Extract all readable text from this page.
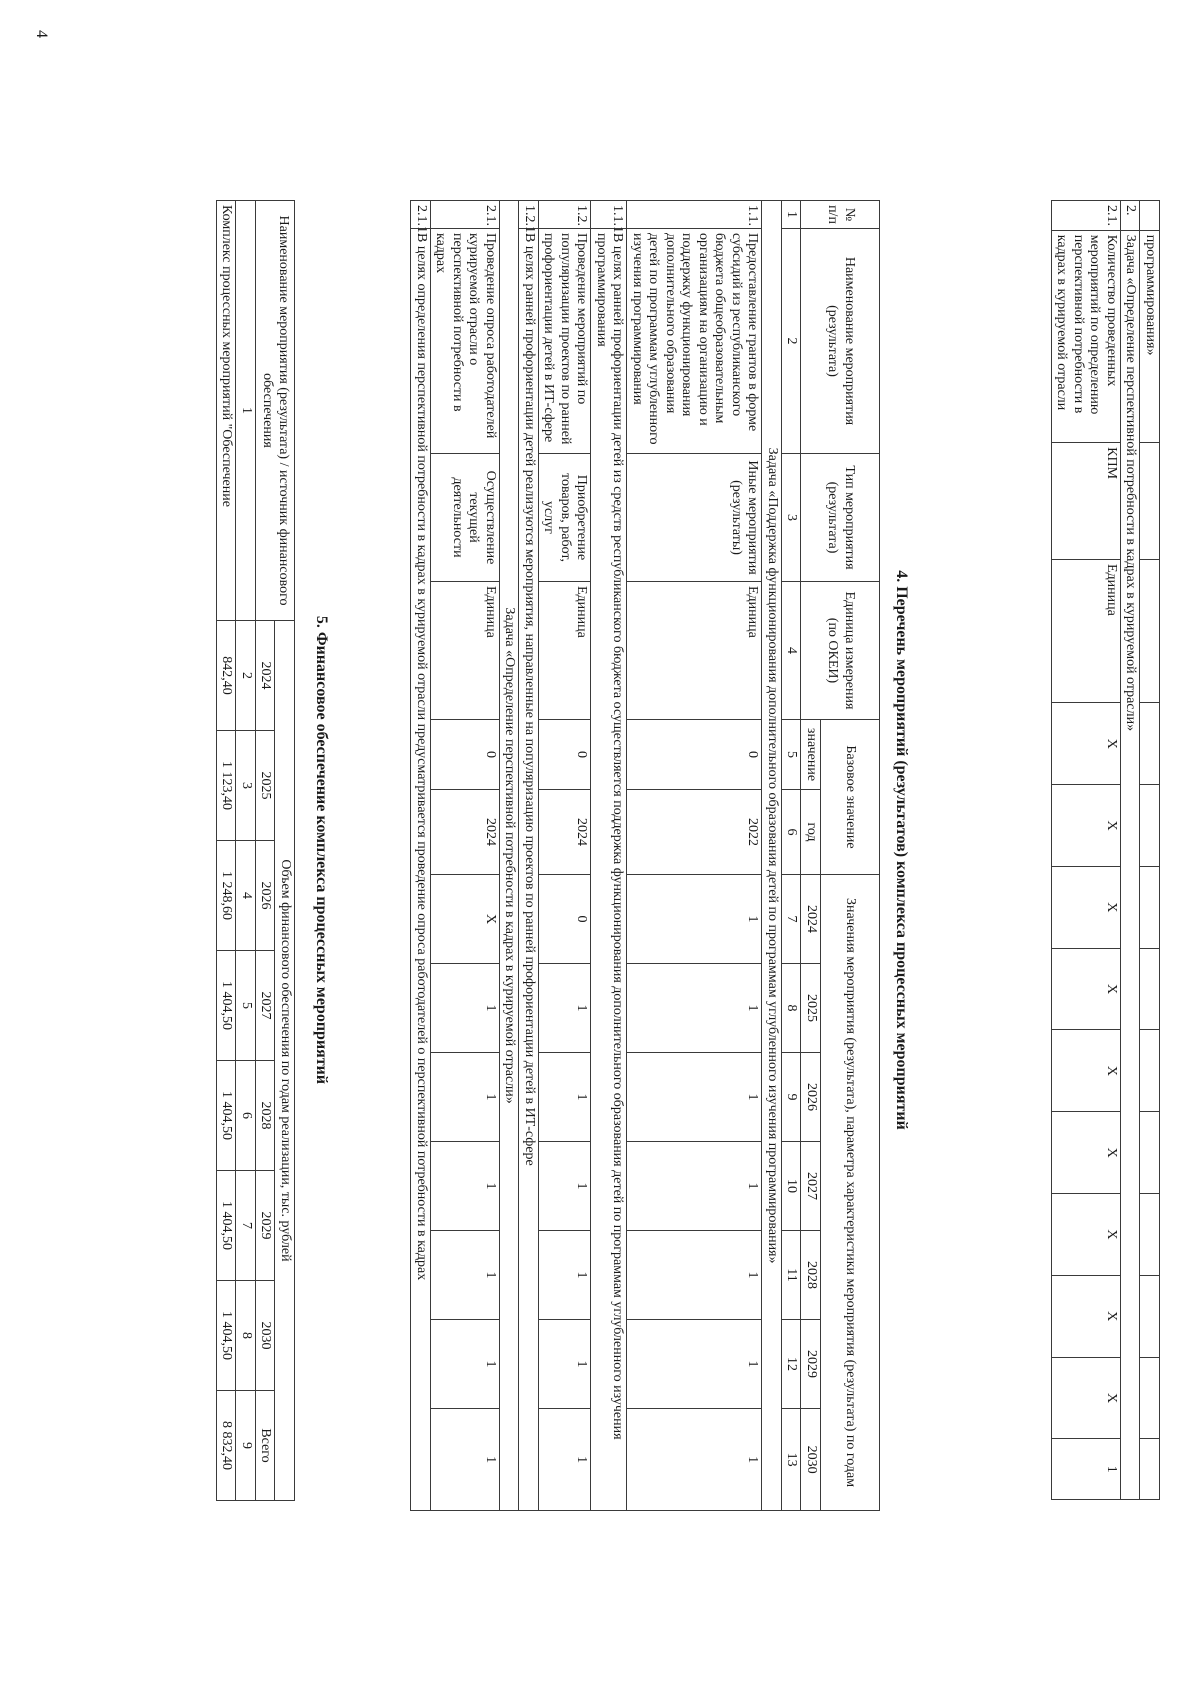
	программирования»												
2.	Задача «Определение перспективной потребности в кадрах в курируемой отрасли»												
2.1.	Количество проведенных мероприятий по определению перспективной потребности в кадрах в курируемой отрасли	КПМ	Единица	X	X	X	X	X	X	X	X	X	1
4. Перечень мероприятий (результатов) комплекса процессных мероприятий
№ п/п	Наименование мероприятия (результата)	Тип мероприятия (результата)	Единица измерения (по ОКЕИ)	Базовое значение		Значения мероприятия (результата), параметра характеристики мероприятия (результата) по годам						
				значение	год	2024	2025	2026	2027	2028	2029	2030
1	2	3	4	5	6	7	8	9	10	11	12	13
Задача «Поддержка функционирования дополнительного образования детей по программам углубленного изучения программирования»												
1.1.	Предоставление грантов в форме субсидий из республиканского бюджета общеобразовательным организациям на организацию и поддержку функционирования дополнительного образования детей по программам углубленного изучения программирования	Иные мероприятия (результаты)	Единица	0	2022	1	1	1	1	1	1	1
1.1.1.	В целях ранней профориентации детей из средств республиканского бюджета осуществляется поддержка функционирования дополнительного образования детей по программам углубленного изучения программирования											
1.2.	Проведение мероприятий по популяризации проектов по ранней профориентации детей в ИТ-сфере	Приобретение товаров, работ, услуг	Единица	0	2024	0	1	1	1	1	1	1
1.2.1.	В целях ранней профориентации детей реализуются мероприятия, направленные на популяризацию проектов по ранней профориентации детей в ИТ-сфере											
Задача «Определение перспективной потребности в кадрах в курируемой отрасли»												
2.1.	Проведение опроса работодателей курируемой отрасли о перспективной потребности в кадрах	Осуществление текущей деятельности	Единица	0	2024	X	1	1	1	1	1	1
2.1.1.	В целях определения перспективной потребности в кадрах в курируемой отрасли предусматривается проведение опроса работодателей о перспективной потребности в кадрах											
5. Финансовое обеспечение комплекса процессных мероприятий
Наименование мероприятия (результата) / источник финансового обеспечения	Объем финансового обеспечения по годам реализации, тыс. рублей							
	2024	2025	2026	2027	2028	2029	2030	Всего
1	2	3	4	5	6	7	8	9
Комплекс процессных мероприятий "Обеспечение	842,40	1 123,40	1 248,60	1 404,50	1 404,50	1 404,50	1 404,50	8 832,40
4
